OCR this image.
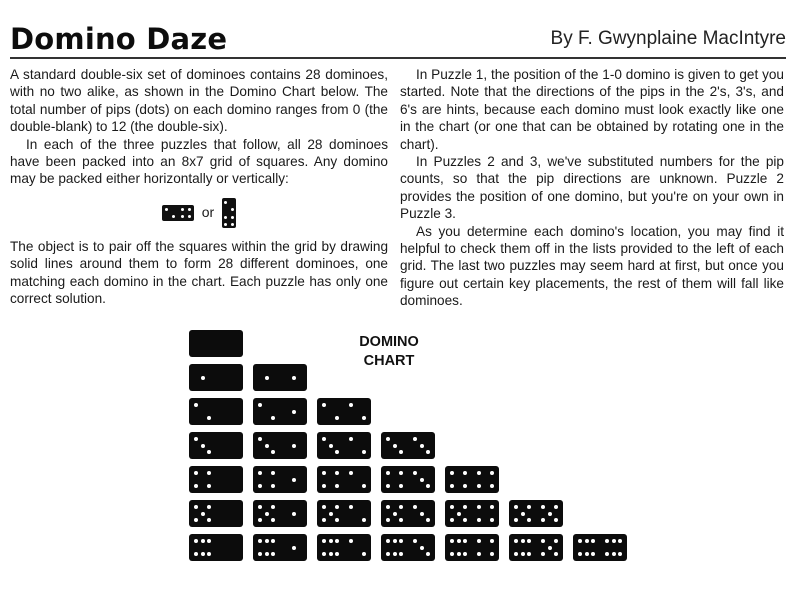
Domino Daze	By F. Gwynplaine MacIntyre

A standard double-six set of dominoes contains 28 dominoes, with no two alike, as shown in the Domino Chart below. The total number of pips (dots) on each domino ranges from 0 (the double-blank) to 12 (the double-six).

In each of the three puzzles that follow, all 28 dominoes have been packed into an 8x7 grid of squares. Any domino may be packed either horizontally or vertically:

or

The object is to pair off the squares within the grid by drawing solid lines around them to form 28 different dominoes, one matching each domino in the chart. Each puzzle has only one correct solution.

In Puzzle 1, the position of the 1-0 domino is given to get you started. Note that the directions of the pips in the 2's, 3's, and 6's are hints, because each domino must look exactly like one in the chart (or one that can be obtained by rotating one in the chart).

In Puzzles 2 and 3, we've substituted numbers for the pip counts, so that the pip directions are unknown. Puzzle 2 provides the position of one domino, but you're on your own in Puzzle 3.

As you determine each domino's location, you may find it helpful to check them off in the lists provided to the left of each grid. The last two puzzles may seem hard at first, but once you figure out certain key placements, the rest of them will fall like dominoes.

DOMINO
CHART
